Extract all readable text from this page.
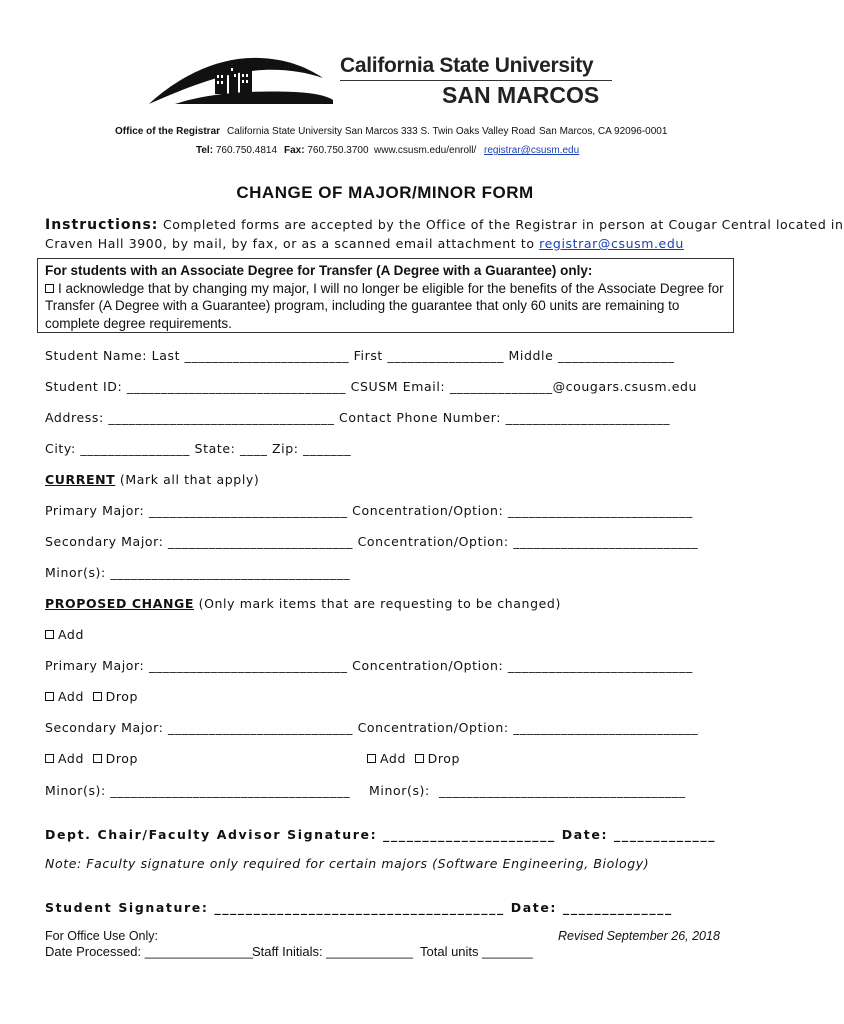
California State University
SAN MARCOS
Office of the Registrar California State University San Marcos 333 S. Twin Oaks Valley Road San Marcos, CA 92096-0001
Tel: 760.750.4814 Fax: 760.750.3700 www.csusm.edu/enroll/ registrar@csusm.edu
CHANGE OF MAJOR/MINOR FORM
Instructions: Completed forms are accepted by the Office of the Registrar in person at Cougar Central located in
Craven Hall 3900, by mail, by fax, or as a scanned email attachment to registrar@csusm.edu
For students with an Associate Degree for Transfer (A Degree with a Guarantee) only:
I acknowledge that by changing my major, I will no longer be eligible for the benefits of the Associate Degree for Transfer (A Degree with a Guarantee) program, including the guarantee that only 60 units are remaining to complete degree requirements.
Student Name: Last ________________________ First _________________ Middle _________________
Student ID: ________________________________ CSUSM Email: _______________@cougars.csusm.edu
Address: _________________________________ Contact Phone Number: ________________________
City: ________________ State: ____ Zip: _______
CURRENT (Mark all that apply)
Primary Major: _____________________________ Concentration/Option: ___________________________
Secondary Major: ___________________________ Concentration/Option: ___________________________
Minor(s): ___________________________________
PROPOSED CHANGE (Only mark items that are requesting to be changed)
Add
Primary Major: _____________________________ Concentration/Option: ___________________________
Add Drop
Secondary Major: ___________________________ Concentration/Option: ___________________________
Add Drop	Add Drop
Minor(s): ___________________________________ Minor(s):  ____________________________________
Dept. Chair/Faculty Advisor Signature: ______________________ Date: _____________
Note: Faculty signature only required for certain majors (Software Engineering, Biology)
Student Signature: _____________________________________ Date: ______________
For Office Use Only:	Revised September 26, 2018
Date Processed: _______________
Staff Initials: ____________ Total units _______
